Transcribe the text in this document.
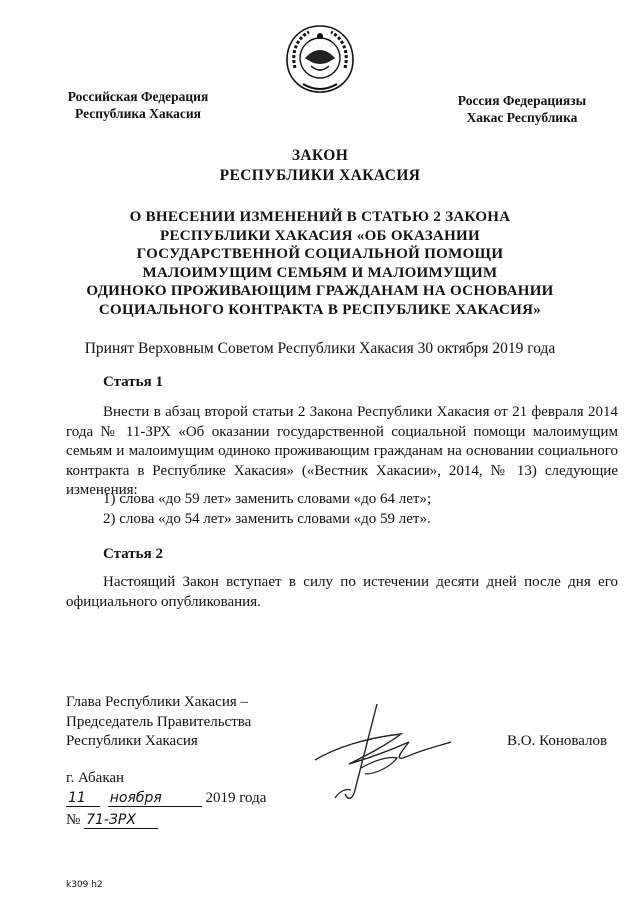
Российская Федерация
Республика Хакасия
Россия Федерациязы
Хакас Республика
ЗАКОН
РЕСПУБЛИКИ ХАКАСИЯ
О ВНЕСЕНИИ ИЗМЕНЕНИЙ В СТАТЬЮ 2 ЗАКОНА
РЕСПУБЛИКИ ХАКАСИЯ «ОБ ОКАЗАНИИ
ГОСУДАРСТВЕННОЙ СОЦИАЛЬНОЙ ПОМОЩИ
МАЛОИМУЩИМ СЕМЬЯМ И МАЛОИМУЩИМ
ОДИНОКО ПРОЖИВАЮЩИМ ГРАЖДАНАМ НА ОСНОВАНИИ
СОЦИАЛЬНОГО КОНТРАКТА В РЕСПУБЛИКЕ ХАКАСИЯ»
Принят Верховным Советом Республики Хакасия 30 октября 2019 года
Статья 1
Внести в абзац второй статьи 2 Закона Республики Хакасия от 21 февраля 2014 года № 11-ЗРХ «Об оказании государственной социальной помощи малоимущим семьям и малоимущим одиноко проживающим гражданам на основании социального контракта в Республике Хакасия» («Вестник Хакасии», 2014, № 13) следующие изменения:
1) слова «до 59 лет» заменить словами «до 64 лет»;
2) слова «до 54 лет» заменить словами «до 59 лет».
Статья 2
Настоящий Закон вступает в силу по истечении десяти дней после дня его официального опубликования.
Глава Республики Хакасия –
Председатель Правительства
Республики Хакасия	В.О. Коновалов
г. Абакан
11 ноября	2019 года
№ 71-ЗРХ
k309 h2
